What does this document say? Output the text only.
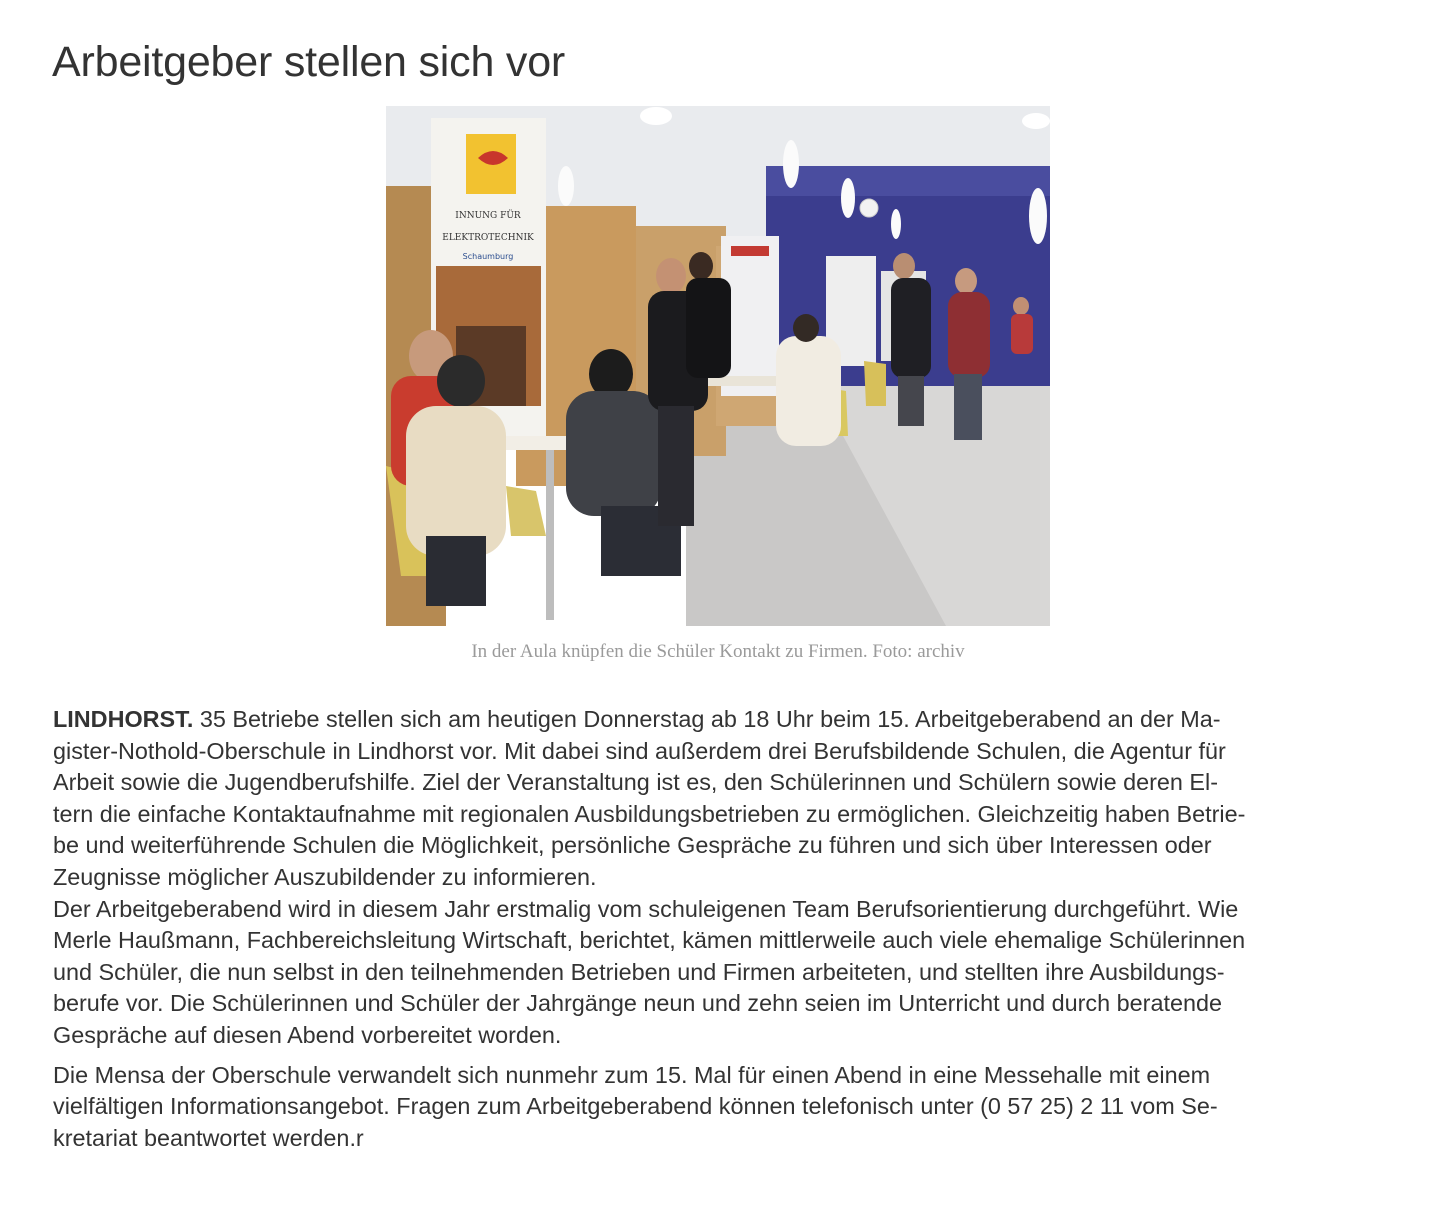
Arbeitgeber stellen sich vor
INNUNG FÜR
ELEKTROTECHNIK
Schaumburg
In der Aula knüpfen die Schüler Kontakt zu Firmen. Foto: archiv

LINDHORST. 35 Betriebe stellen sich am heutigen Donnerstag ab 18 Uhr beim 15. Arbeitgeberabend an der Ma-
gister-Nothold-Oberschule in Lindhorst vor. Mit dabei sind außerdem drei Berufsbildende Schulen, die Agentur für
Arbeit sowie die Jugendberufshilfe. Ziel der Veranstaltung ist es, den Schülerinnen und Schülern sowie deren El-
tern die einfache Kontaktaufnahme mit regionalen Ausbildungsbetrieben zu ermöglichen. Gleichzeitig haben Betrie-
be und weiterführende Schulen die Möglichkeit, persönliche Gespräche zu führen und sich über Interessen oder
Zeugnisse möglicher Auszubildender zu informieren.

Der Arbeitgeberabend wird in diesem Jahr erstmalig vom schuleigenen Team Berufsorientierung durchgeführt. Wie
Merle Haußmann, Fachbereichsleitung Wirtschaft, berichtet, kämen mittlerweile auch viele ehemalige Schülerinnen
und Schüler, die nun selbst in den teilnehmenden Betrieben und Firmen arbeiteten, und stellten ihre Ausbildungs-
berufe vor. Die Schülerinnen und Schüler der Jahrgänge neun und zehn seien im Unterricht und durch beratende
Gespräche auf diesen Abend vorbereitet worden.

Die Mensa der Oberschule verwandelt sich nunmehr zum 15. Mal für einen Abend in eine Messehalle mit einem
vielfältigen Informationsangebot. Fragen zum Arbeitgeberabend können telefonisch unter (0 57 25) 2 11 vom Se-
kretariat beantwortet werden.r
